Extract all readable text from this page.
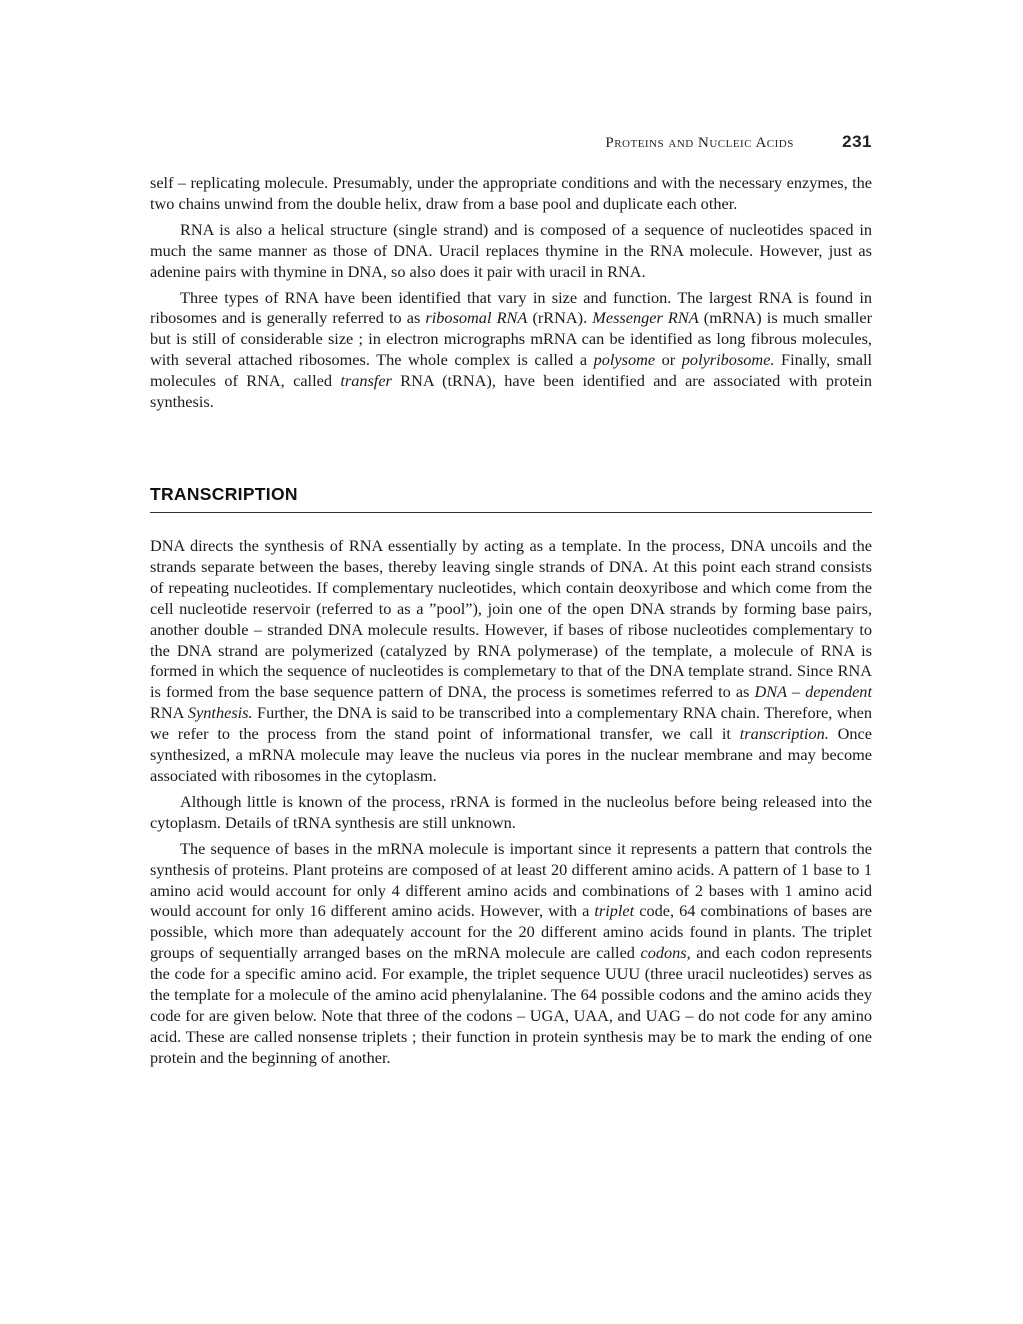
Proteins and Nucleic Acids	231

self – replicating molecule. Presumably, under the appropriate conditions and with the necessary enzymes, the two chains unwind from the double helix, draw from a base pool and duplicate each other.

RNA is also a helical structure (single strand) and is composed of a sequence of nucleotides spaced in much the same manner as those of DNA. Uracil replaces thymine in the RNA molecule. However, just as adenine pairs with thymine in DNA, so also does it pair with uracil in RNA.

Three types of RNA have been identified that vary in size and function. The largest RNA is found in ribosomes and is generally referred to as ribosomal RNA (rRNA). Messenger RNA (mRNA) is much smaller but is still of considerable size ; in electron micrographs mRNA can be identified as long fibrous molecules, with several attached ribosomes. The whole complex is called a polysome or polyribosome. Finally, small molecules of RNA, called transfer RNA (tRNA), have been identified and are associated with protein synthesis.

TRANSCRIPTION

DNA directs the synthesis of RNA essentially by acting as a template. In the process, DNA uncoils and the strands separate between the bases, thereby leaving single strands of DNA. At this point each strand consists of repeating nucleotides. If complementary nucleotides, which contain deoxyribose and which come from the cell nucleotide reservoir (referred to as a ”pool”), join one of the open DNA strands by forming base pairs, another double – stranded DNA molecule results. However, if bases of ribose nucleotides complementary to the DNA strand are polymerized (catalyzed by RNA polymerase) of the template, a molecule of RNA is formed in which the sequence of nucleotides is complemetary to that of the DNA template strand. Since RNA is formed from the base sequence pattern of DNA, the process is sometimes referred to as DNA – dependent RNA Synthesis. Further, the DNA is said to be transcribed into a complementary RNA chain. Therefore, when we refer to the process from the stand point of informational transfer, we call it transcription. Once synthesized, a mRNA molecule may leave the nucleus via pores in the nuclear membrane and may become associated with ribosomes in the cytoplasm.

Although little is known of the process, rRNA is formed in the nucleolus before being released into the cytoplasm. Details of tRNA synthesis are still unknown.

The sequence of bases in the mRNA molecule is important since it represents a pattern that controls the synthesis of proteins. Plant proteins are composed of at least 20 different amino acids. A pattern of 1 base to 1 amino acid would account for only 4 different amino acids and combinations of 2 bases with 1 amino acid would account for only 16 different amino acids. However, with a triplet code, 64 combinations of bases are possible, which more than adequately account for the 20 different amino acids found in plants. The triplet groups of sequentially arranged bases on the mRNA molecule are called codons, and each codon represents the code for a specific amino acid. For example, the triplet sequence UUU (three uracil nucleotides) serves as the template for a molecule of the amino acid phenylalanine. The 64 possible codons and the amino acids they code for are given below. Note that three of the codons – UGA, UAA, and UAG – do not code for any amino acid. These are called nonsense triplets ; their function in protein synthesis may be to mark the ending of one protein and the beginning of another.
